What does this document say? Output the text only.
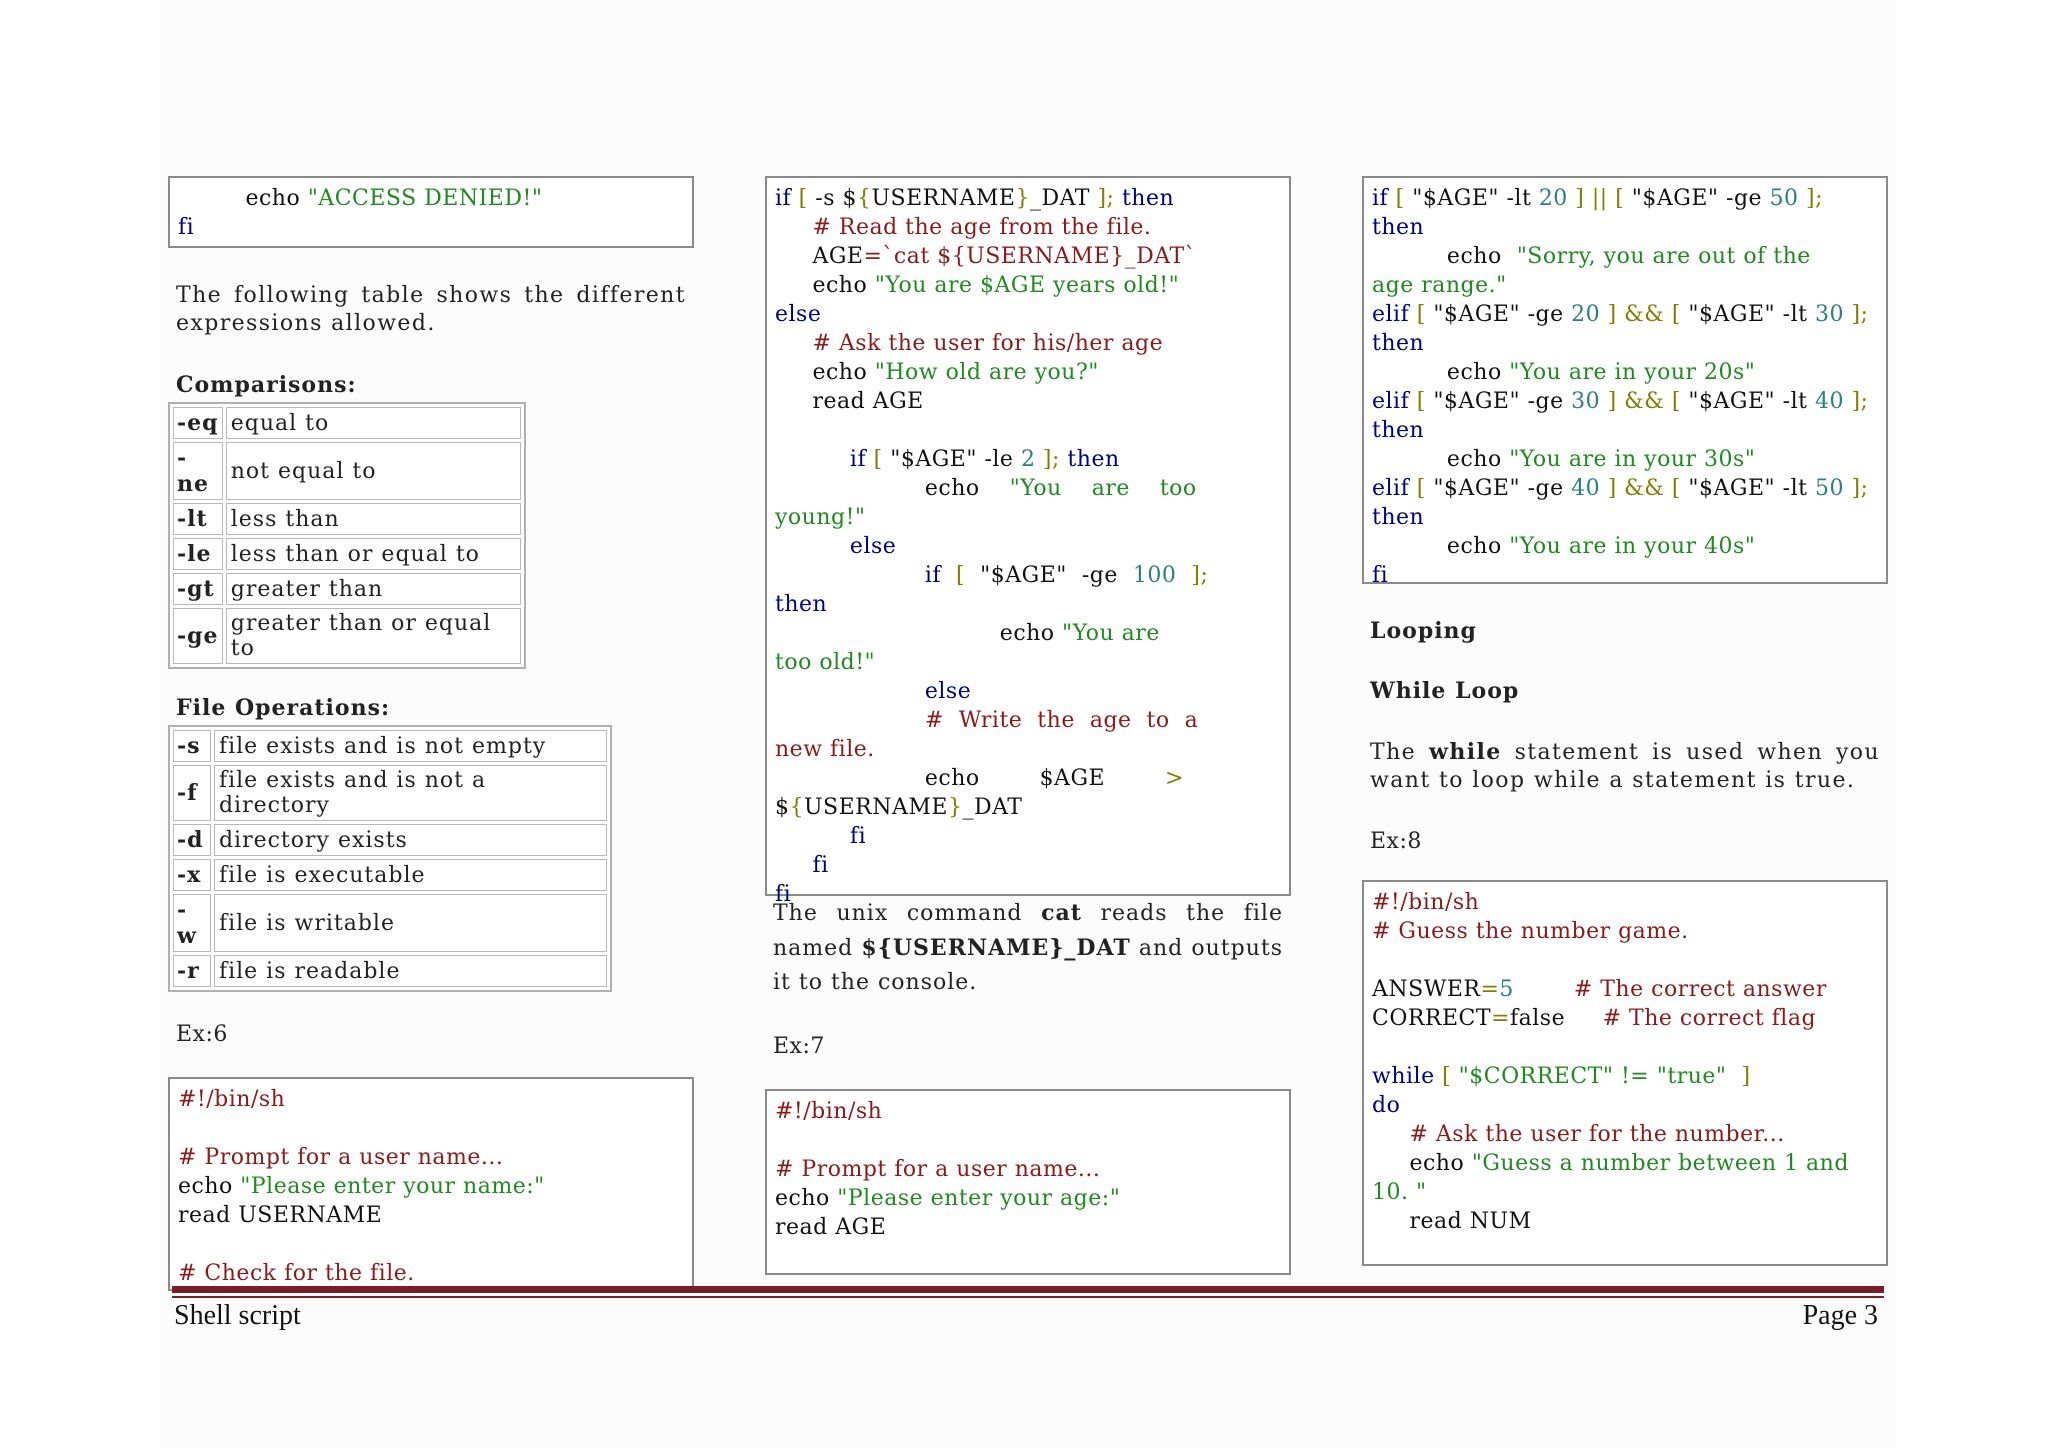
echo "ACCESS DENIED!"
fi
The following table shows the different expressions allowed.
Comparisons:
-eq	equal to
-ne	not equal to
-lt	less than
-le	less than or equal to
-gt	greater than
-ge	greater than or equal to
File Operations:
-s	file exists and is not empty
-f	file exists and is not a directory
-d	directory exists
-x	file is executable
-w	file is writable
-r	file is readable
Ex:6
#!/bin/sh
# Prompt for a user name...
echo "Please enter your name:"
read USERNAME
# Check for the file.
if [ -s ${USERNAME}_DAT ]; then
# Read the age from the file.
AGE=`cat ${USERNAME}_DAT`
echo "You are $AGE years old!"
else
# Ask the user for his/her age
echo "How old are you?"
read AGE
if [ "$AGE" -le 2 ]; then
echo    "You    are    too
young!"
else
if  [  "$AGE"  -ge  100  ];
then
echo "You are
too old!"
else
#  Write  the  age  to  a
new file.
echo        $AGE        >
${USERNAME}_DAT
fi
fi
fi
The unix command cat reads the file named ${USERNAME}_DAT and outputs it to the console.
Ex:7
#!/bin/sh
# Prompt for a user name...
echo "Please enter your age:"
read AGE
if [ "$AGE" -lt 20 ] || [ "$AGE" -ge 50 ];
then
echo  "Sorry, you are out of the
age range."
elif [ "$AGE" -ge 20 ] && [ "$AGE" -lt 30 ];
then
echo "You are in your 20s"
elif [ "$AGE" -ge 30 ] && [ "$AGE" -lt 40 ];
then
echo "You are in your 30s"
elif [ "$AGE" -ge 40 ] && [ "$AGE" -lt 50 ];
then
echo "You are in your 40s"
fi
Looping
While Loop
The while statement is used when you want to loop while a statement is true.
Ex:8
#!/bin/sh
# Guess the number game.
ANSWER=5        # The correct answer
CORRECT=false     # The correct flag
while [ "$CORRECT" != "true"  ]
do
# Ask the user for the number...
echo "Guess a number between 1 and
10. "
read NUM
Shell script	Page 3
